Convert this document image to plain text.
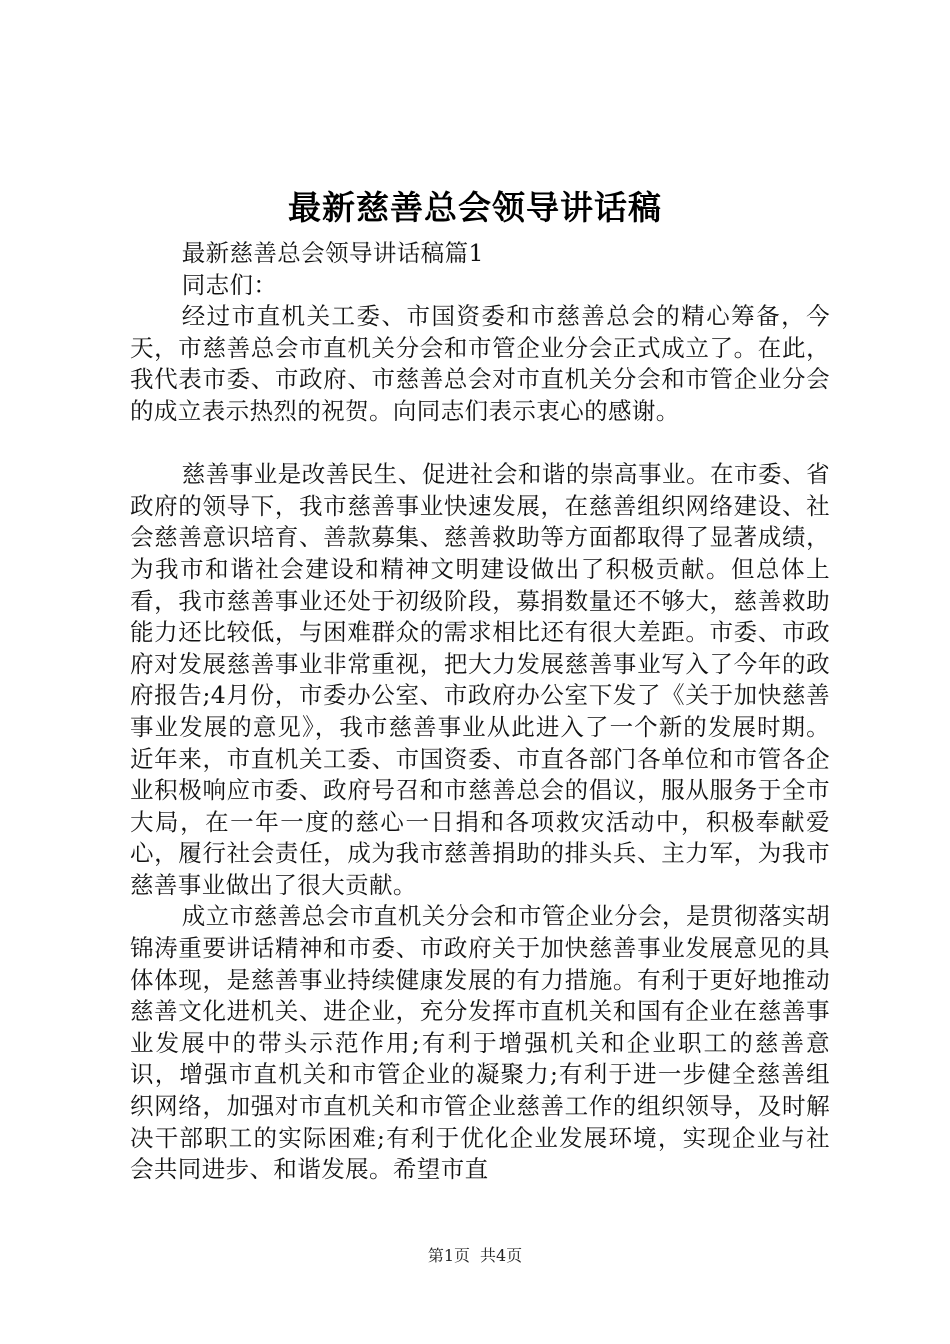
最新慈善总会领导讲话稿

最新慈善总会领导讲话稿篇1

同志们：

经过市直机关工委、市国资委和市慈善总会的精心筹备，今天，市慈善总会市直机关分会和市管企业分会正式成立了。在此，我代表市委、市政府、市慈善总会对市直机关分会和市管企业分会的成立表示热烈的祝贺。向同志们表示衷心的感谢。

慈善事业是改善民生、促进社会和谐的崇高事业。在市委、省政府的领导下，我市慈善事业快速发展，在慈善组织网络建设、社会慈善意识培育、善款募集、慈善救助等方面都取得了显著成绩，为我市和谐社会建设和精神文明建设做出了积极贡献。但总体上看，我市慈善事业还处于初级阶段，募捐数量还不够大，慈善救助能力还比较低，与困难群众的需求相比还有很大差距。市委、市政府对发展慈善事业非常重视，把大力发展慈善事业写入了今年的政府报告;4月份，市委办公室、市政府办公室下发了《关于加快慈善事业发展的意见》，我市慈善事业从此进入了一个新的发展时期。近年来，市直机关工委、市国资委、市直各部门各单位和市管各企业积极响应市委、政府号召和市慈善总会的倡议，服从服务于全市大局，在一年一度的慈心一日捐和各项救灾活动中，积极奉献爱心，履行社会责任，成为我市慈善捐助的排头兵、主力军，为我市慈善事业做出了很大贡献。

成立市慈善总会市直机关分会和市管企业分会，是贯彻落实胡锦涛重要讲话精神和市委、市政府关于加快慈善事业发展意见的具体体现，是慈善事业持续健康发展的有力措施。有利于更好地推动慈善文化进机关、进企业，充分发挥市直机关和国有企业在慈善事业发展中的带头示范作用;有利于增强机关和企业职工的慈善意识，增强市直机关和市管企业的凝聚力;有利于进一步健全慈善组织网络，加强对市直机关和市管企业慈善工作的组织领导，及时解决干部职工的实际困难;有利于优化企业发展环境，实现企业与社会共同进步、和谐发展。希望市直

第1页 共4页
